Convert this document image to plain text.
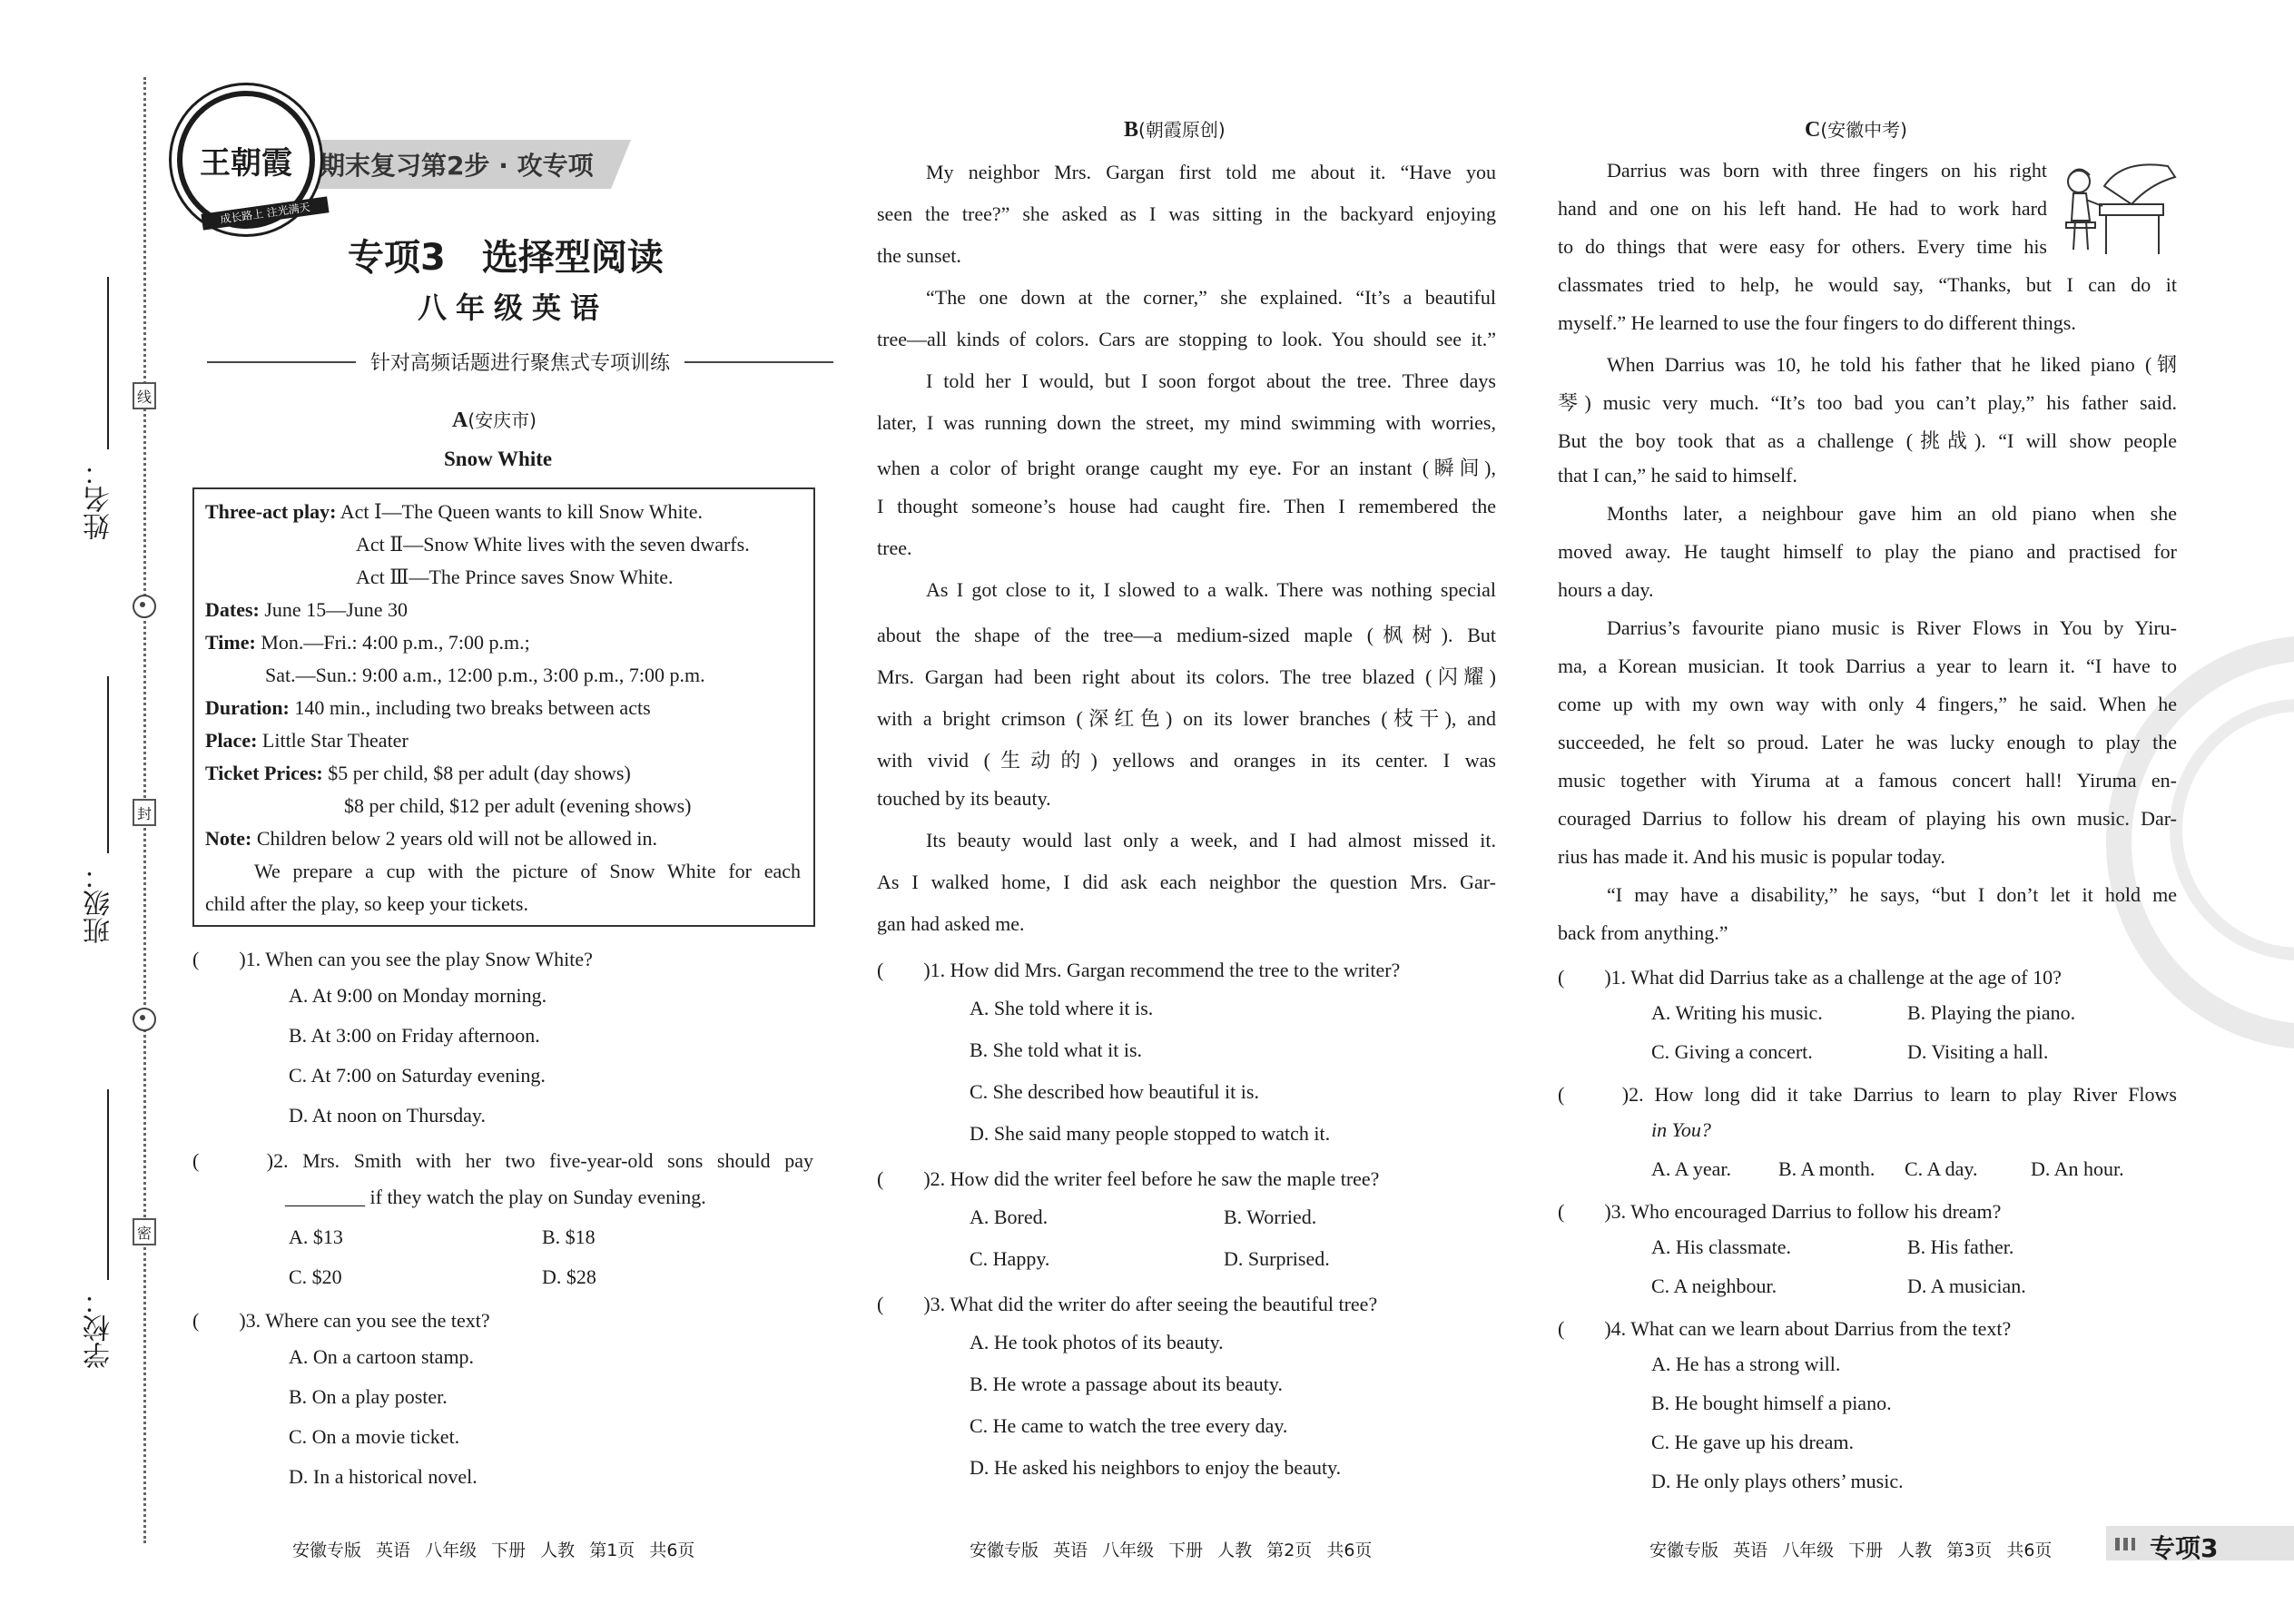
姓名：
班级：
学校：
线
封
密
期末复习第2步 · 攻专项
王朝霞
成长路上 注光满天
专项3　选择型阅读
八年级英语
针对高频话题进行聚焦式专项训练
A(安庆市)
Snow White
Three-act play: Act Ⅰ—The Queen wants to kill Snow White.
Act Ⅱ—Snow White lives with the seven dwarfs.
Act Ⅲ—The Prince saves Snow White.
Dates: June 15—June 30
Time: Mon.—Fri.: 4:00 p.m., 7:00 p.m.;
Sat.—Sun.: 9:00 a.m., 12:00 p.m., 3:00 p.m., 7:00 p.m.
Duration: 140 min., including two breaks between acts
Place: Little Star Theater
Ticket Prices: $5 per child, $8 per adult (day shows)
$8 per child, $12 per adult (evening shows)
Note: Children below 2 years old will not be allowed in.
We prepare a cup with the picture of Snow White for each
child after the play, so keep your tickets.
(　　)1. When can you see the play Snow White?
A. At 9:00 on Monday morning.
B. At 3:00 on Friday afternoon.
C. At 7:00 on Saturday evening.
D. At noon on Thursday.
(　　)2. Mrs. Smith with her two five-year-old sons should pay
________ if they watch the play on Sunday evening.
A. $13	B. $18
C. $20	D. $28
(　　)3. Where can you see the text?
A. On a cartoon stamp.
B. On a play poster.
C. On a movie ticket.
D. In a historical novel.
B(朝霞原创)
My neighbor Mrs. Gargan first told me about it. “Have you
seen the tree?” she asked as I was sitting in the backyard enjoying
the sunset.
“The one down at the corner,” she explained. “It’s a beautiful
tree—all kinds of colors. Cars are stopping to look. You should see it.”
I told her I would, but I soon forgot about the tree. Three days
later, I was running down the street, my mind swimming with worries,
when a color of bright orange caught my eye. For an instant (瞬间),
I thought someone’s house had caught fire. Then I remembered the
tree.
As I got close to it, I slowed to a walk. There was nothing special
about the shape of the tree—a medium-sized maple (枫树). But
Mrs. Gargan had been right about its colors. The tree blazed (闪耀)
with a bright crimson (深红色) on its lower branches (枝干), and
with vivid (生动的) yellows and oranges in its center. I was
touched by its beauty.
Its beauty would last only a week, and I had almost missed it.
As I walked home, I did ask each neighbor the question Mrs. Gar-
gan had asked me.
(　　)1. How did Mrs. Gargan recommend the tree to the writer?
A. She told where it is.
B. She told what it is.
C. She described how beautiful it is.
D. She said many people stopped to watch it.
(　　)2. How did the writer feel before he saw the maple tree?
A. Bored.	B. Worried.
C. Happy.	D. Surprised.
(　　)3. What did the writer do after seeing the beautiful tree?
A. He took photos of its beauty.
B. He wrote a passage about its beauty.
C. He came to watch the tree every day.
D. He asked his neighbors to enjoy the beauty.
C(安徽中考)
Darrius was born with three fingers on his right
hand and one on his left hand. He had to work hard
to do things that were easy for others. Every time his
classmates tried to help, he would say, “Thanks, but I can do it
myself.” He learned to use the four fingers to do different things.
When Darrius was 10, he told his father that he liked piano (钢
琴) music very much. “It’s too bad you can’t play,” his father said.
But the boy took that as a challenge (挑战). “I will show people
that I can,” he said to himself.
Months later, a neighbour gave him an old piano when she
moved away. He taught himself to play the piano and practised for
hours a day.
Darrius’s favourite piano music is River Flows in You by Yiru-
ma, a Korean musician. It took Darrius a year to learn it. “I have to
come up with my own way with only 4 fingers,” he said. When he
succeeded, he felt so proud. Later he was lucky enough to play the
music together with Yiruma at a famous concert hall! Yiruma en-
couraged Darrius to follow his dream of playing his own music. Dar-
rius has made it. And his music is popular today.
“I may have a disability,” he says, “but I don’t let it hold me
back from anything.”
(　　)1. What did Darrius take as a challenge at the age of 10?
A. Writing his music.	B. Playing the piano.
C. Giving a concert.	D. Visiting a hall.
(　　)2. How long did it take Darrius to learn to play River Flows
in You?
A. A year. B. A month. C. A day.	D. An hour.
(　　)3. Who encouraged Darrius to follow his dream?
A. His classmate.	B. His father.
C. A neighbour.	D. A musician.
(　　)4. What can we learn about Darrius from the text?
A. He has a strong will.
B. He bought himself a piano.
C. He gave up his dream.
D. He only plays others’ music.
安徽专版 英语 八年级 下册 人教 第1页 共6页	安徽专版 英语 八年级 下册 人教 第2页 共6页	安徽专版 英语 八年级 下册 人教 第3页 共6页	专项3
